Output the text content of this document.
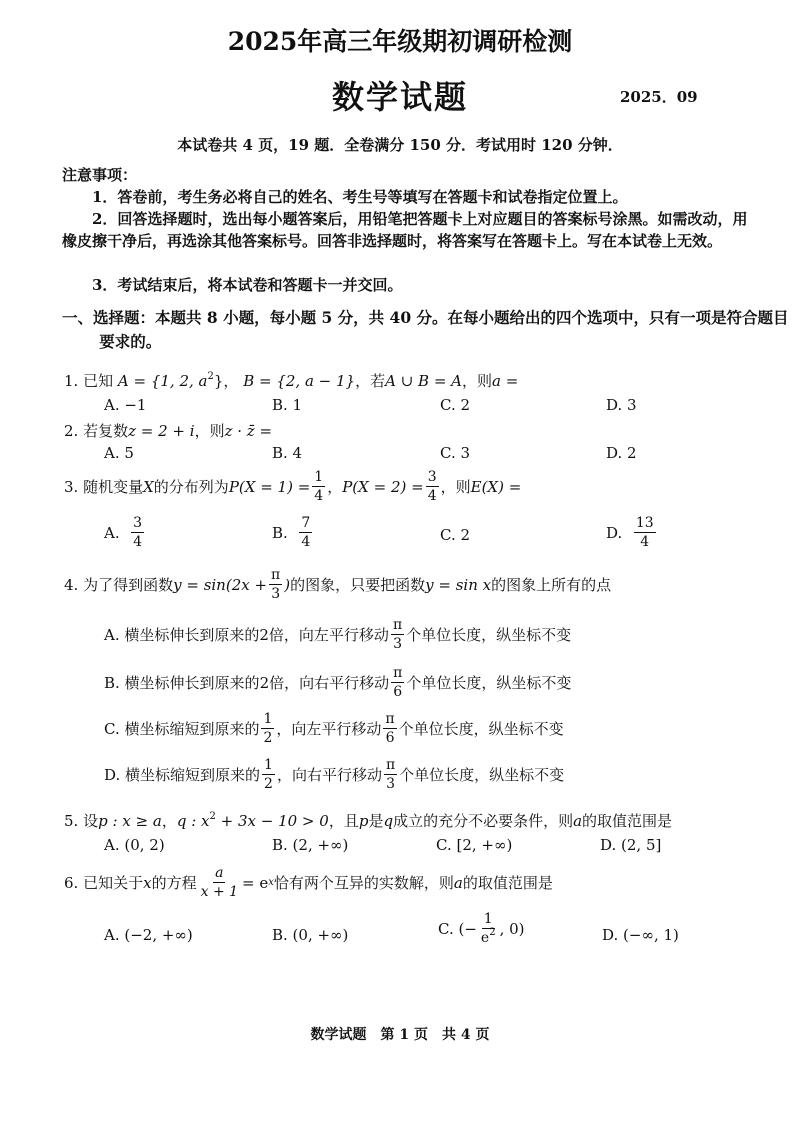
2025年高三年级期初调研检测
数学试题	2025．09
本试卷共 4 页，19 题．全卷满分 150 分．考试用时 120 分钟．
注意事项：
1．答卷前，考生务必将自己的姓名、考生号等填写在答题卡和试卷指定位置上。
2．回答选择题时，选出每小题答案后，用铅笔把答题卡上对应题目的答案标号涂黑。如需改动，用橡皮擦干净后，再选涂其他答案标号。回答非选择题时，将答案写在答题卡上。写在本试卷上无效。
3．考试结束后，将本试卷和答题卡一并交回。
一、选择题：本题共 8 小题，每小题 5 分，共 40 分。在每小题给出的四个选项中，只有一项是符合题目要求的。
1. 已知 A = {1, 2, $a^2$}， B = {2, a − 1}，若A ∪ B = A，则a =
A. −1	B. 1	C. 2	D. 3
2. 若复数z = 2 + i，则z · z̄ =
A. 5	B. 4	C. 3	D. 2
3.
随机变量 X 的分布列为 $P(X = 1) = \frac{1}{4}$ ， $P(X = 2) = \frac{3}{4}$ ，则 E(X) =
A.
$\frac{3}{4}$	B.
$\frac{7}{4}$	C. 2	D.
$\frac{13}{4}$
4.
为了得到函数 $y = \sin(2x + \frac{\pi}{3}$ ) 的图象，只要把函数 y = sin x 的图象上所有的点
A. 横坐标伸长到原来的 2 倍，向左平行移动 $\frac{\pi}{3}$ 个单位长度，纵坐标不变
B. 横坐标伸长到原来的 2 倍，向右平行移动 $\frac{\pi}{6}$ 个单位长度，纵坐标不变
C. 横坐标缩短到原来的 $\frac{1}{2}$ ，向左平行移动 $\frac{\pi}{6}$ 个单位长度，纵坐标不变
D. 横坐标缩短到原来的 $\frac{1}{2}$ ，向右平行移动 $\frac{\pi}{3}$ 个单位长度，纵坐标不变
5. 设p : x ≥ a，q : $x^2 + 3x - 10 > 0$，且p是q成立的充分不必要条件，则a的取值范围是
A. (0, 2)	B. (2, +∞)	C. [2, +∞)	D. (2, 5]
6.
已知关于 x 的方程 $\frac{a}{x + 1} = e$ x 恰有两个互异的实数解，则 a 的取值范围是
A. (−2, +∞)	B. (0, +∞)	C. (− $\frac{1}{e^2}$ , 0)	D. (−∞, 1)
数学试题　第 1 页　共 4 页
